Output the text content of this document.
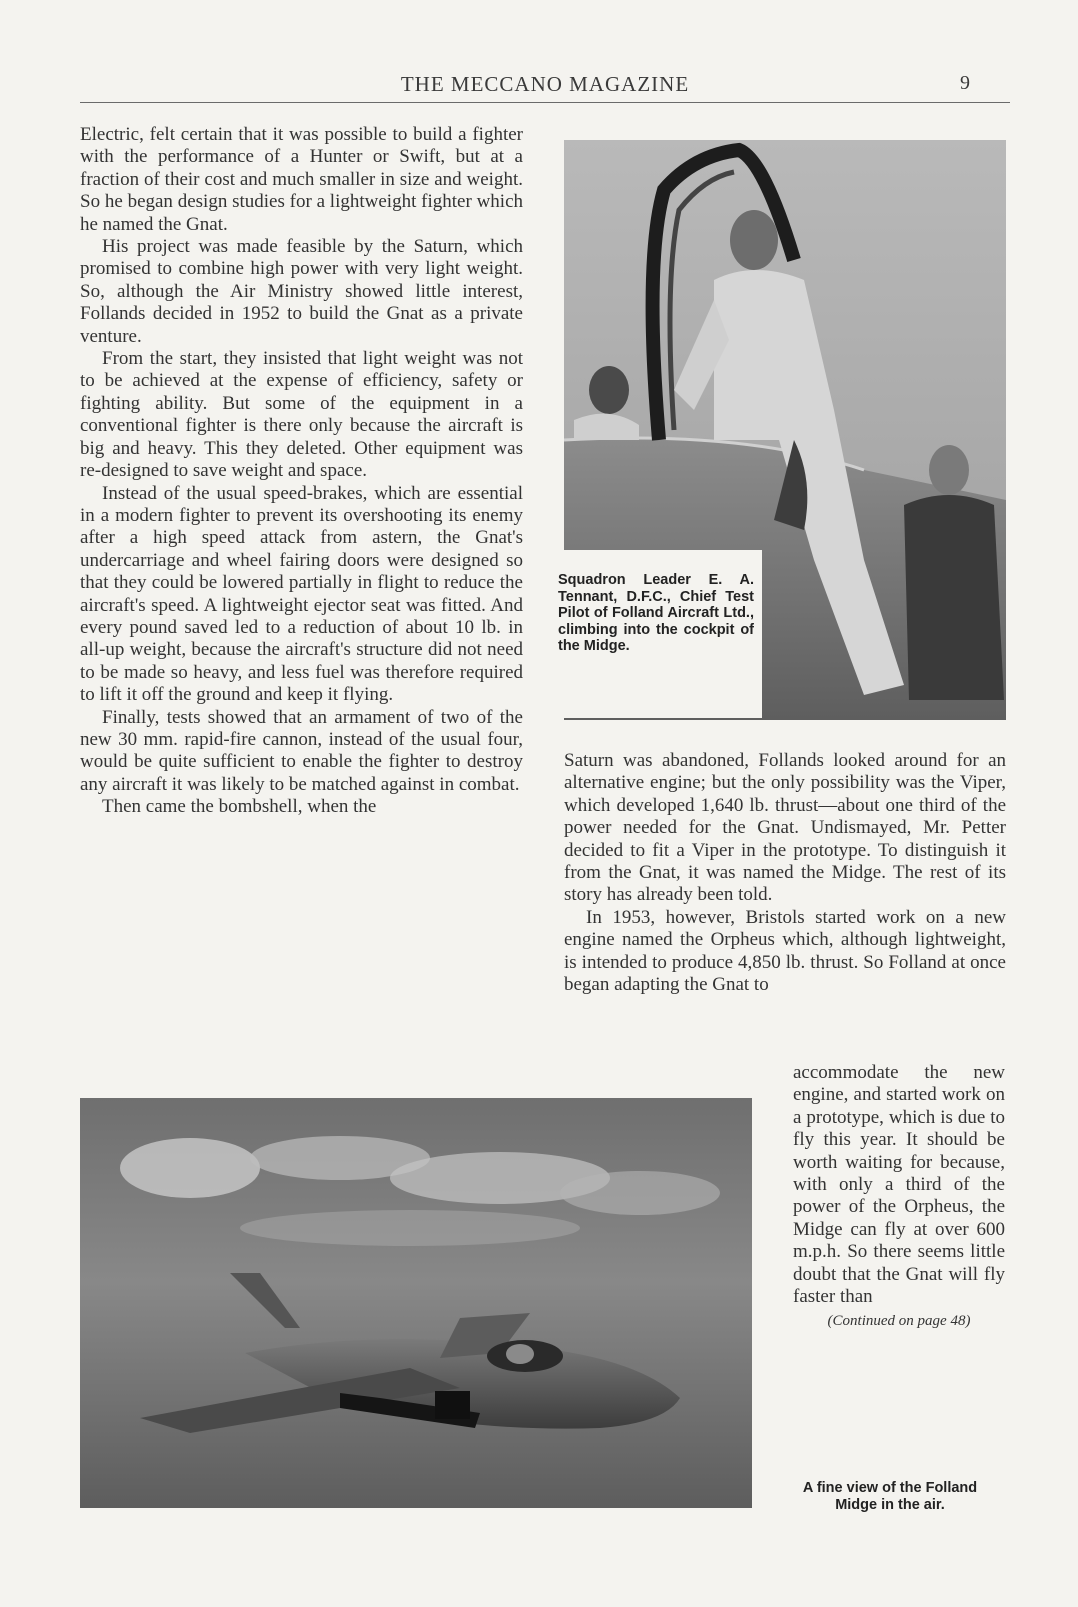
THE MECCANO MAGAZINE	9

Electric, felt certain that it was possible to build a fighter with the performance of a Hunter or Swift, but at a fraction of their cost and much smaller in size and weight. So he began design studies for a lightweight fighter which he named the Gnat.

His project was made feasible by the Saturn, which promised to combine high power with very light weight. So, although the Air Ministry showed little interest, Follands decided in 1952 to build the Gnat as a private venture.

From the start, they insisted that light weight was not to be achieved at the expense of efficiency, safety or fighting ability. But some of the equipment in a conventional fighter is there only because the aircraft is big and heavy. This they deleted. Other equipment was re-designed to save weight and space.

Instead of the usual speed-brakes, which are essential in a modern fighter to prevent its overshooting its enemy after a high speed attack from astern, the Gnat's undercarriage and wheel fairing doors were designed so that they could be lowered partially in flight to reduce the aircraft's speed. A lightweight ejector seat was fitted. And every pound saved led to a reduction of about 10 lb. in all-up weight, because the aircraft's structure did not need to be made so heavy, and less fuel was therefore required to lift it off the ground and keep it flying.

Finally, tests showed that an armament of two of the new 30 mm. rapid-fire cannon, instead of the usual four, would be quite sufficient to enable the fighter to destroy any aircraft it was likely to be matched against in combat.

Then came the bombshell, when the

Squadron Leader E. A. Tennant, D.F.C., Chief Test Pilot of Folland Aircraft Ltd., climbing into the cockpit of the Midge.

Saturn was abandoned, Follands looked around for an alternative engine; but the only possibility was the Viper, which developed 1,640 lb. thrust—about one third of the power needed for the Gnat. Undismayed, Mr. Petter decided to fit a Viper in the prototype. To distinguish it from the Gnat, it was named the Midge. The rest of its story has already been told.

In 1953, however, Bristols started work on a new engine named the Orpheus which, although lightweight, is intended to produce 4,850 lb. thrust. So Folland at once began adapting the Gnat to

accommodate the new engine, and started work on a prototype, which is due to fly this year. It should be worth waiting for because, with only a third of the power of the Orpheus, the Midge can fly at over 600 m.p.h. So there seems little doubt that the Gnat will fly faster than

(Continued on page 48)
A fine view of the Folland Midge in the air.
